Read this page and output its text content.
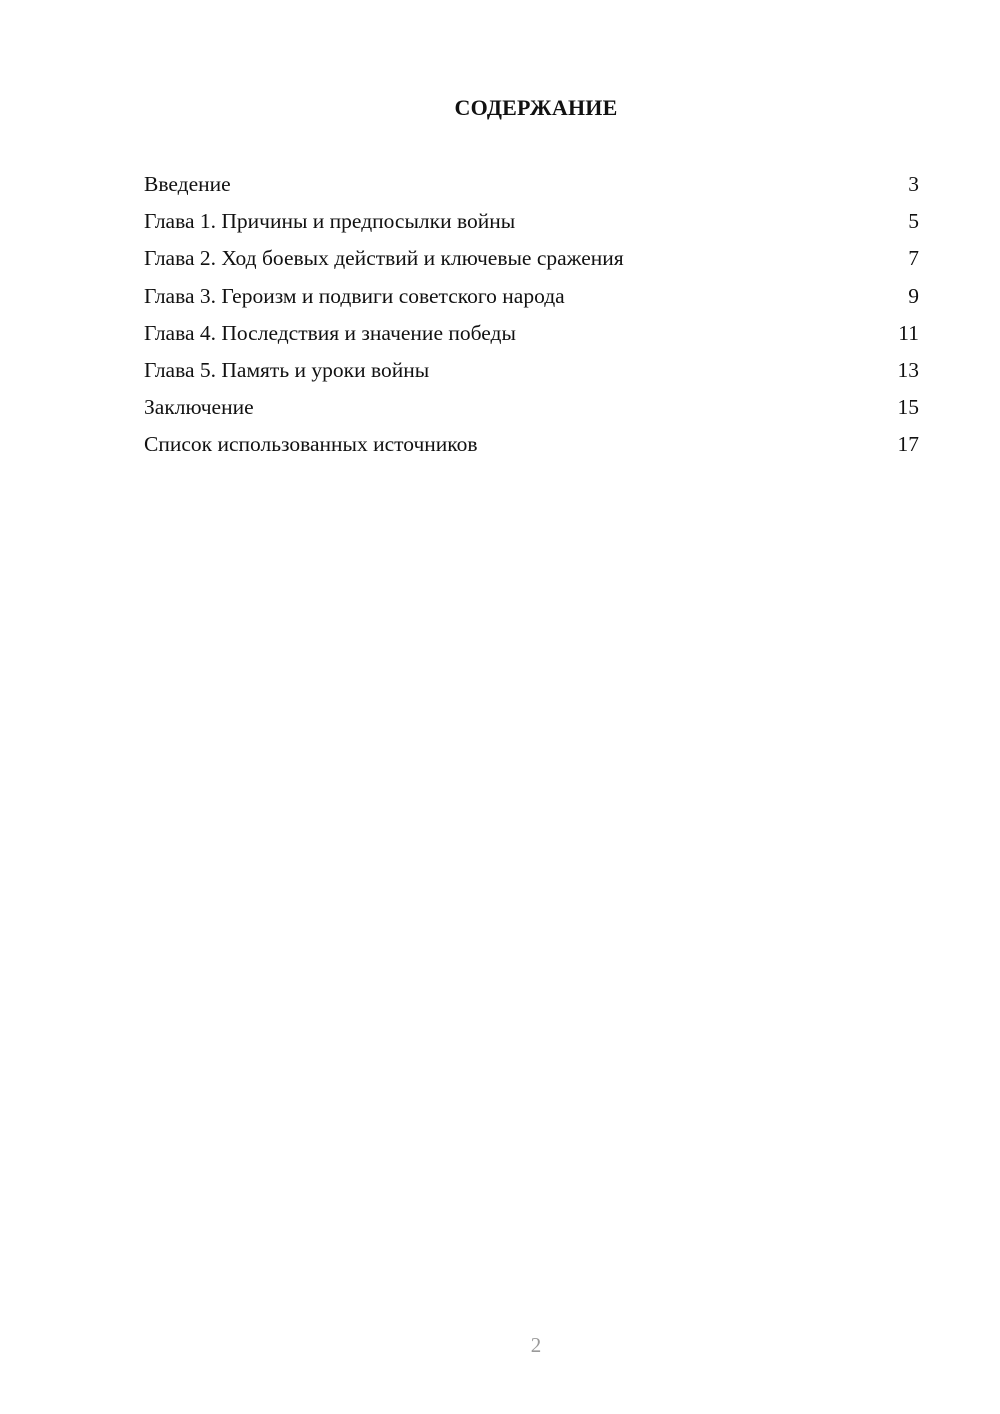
СОДЕРЖАНИЕ
Введение	3
Глава 1. Причины и предпосылки войны	5
Глава 2. Ход боевых действий и ключевые сражения	7
Глава 3. Героизм и подвиги советского народа	9
Глава 4. Последствия и значение победы	11
Глава 5. Память и уроки войны	13
Заключение	15
Список использованных источников	17
2
